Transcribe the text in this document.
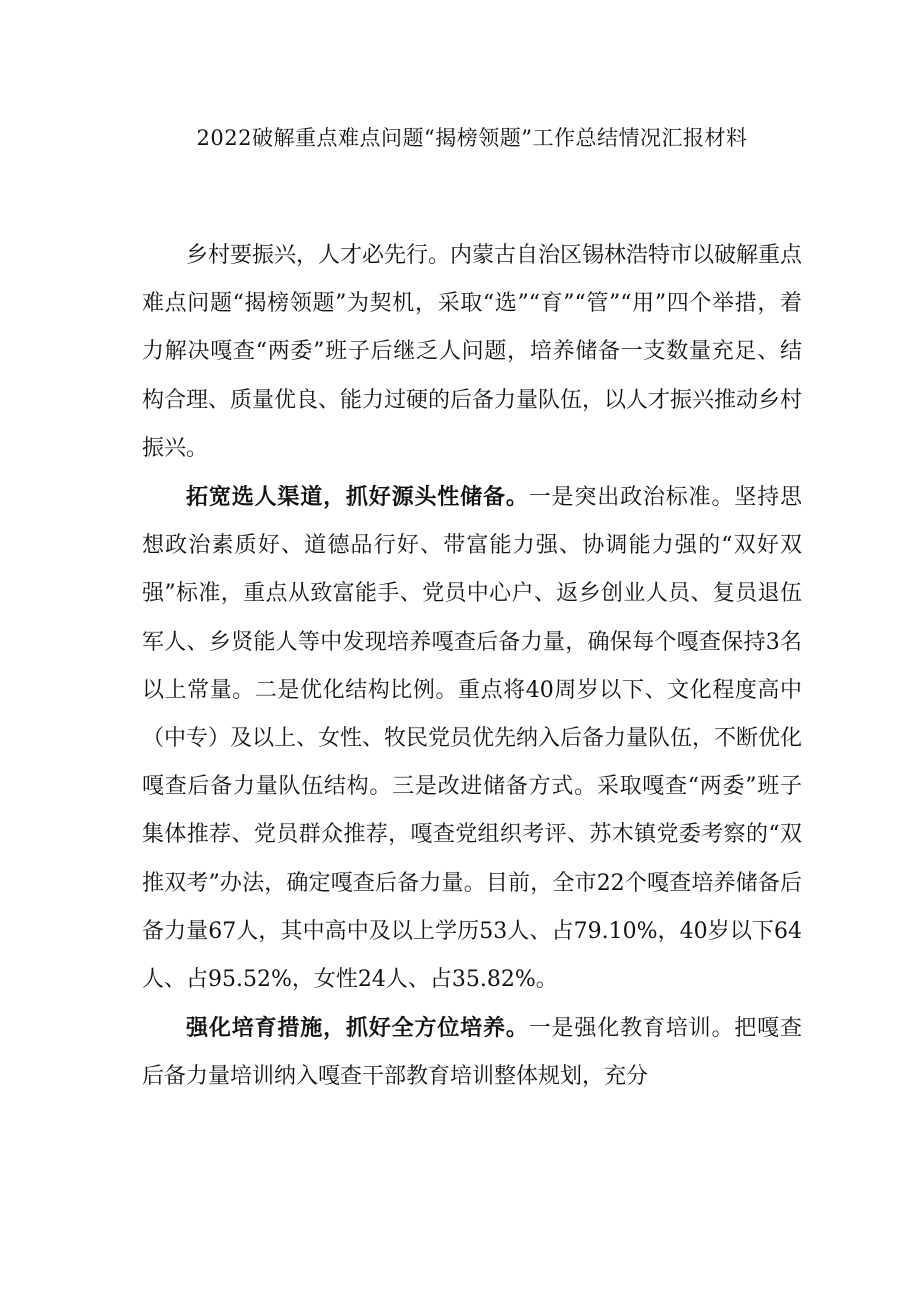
2022破解重点难点问题“揭榜领题”工作总结情况汇报材料

乡村要振兴，人才必先行。内蒙古自治区锡林浩特市以破解重点难点问题“揭榜领题”为契机，采取“选”“育”“管”“用”四个举措，着力解决嘎查“两委”班子后继乏人问题，培养储备一支数量充足、结构合理、质量优良、能力过硬的后备力量队伍，以人才振兴推动乡村振兴。

拓宽选人渠道，抓好源头性储备。一是突出政治标准。坚持思想政治素质好、道德品行好、带富能力强、协调能力强的“双好双强”标准，重点从致富能手、党员中心户、返乡创业人员、复员退伍军人、乡贤能人等中发现培养嘎查后备力量，确保每个嘎查保持3名以上常量。二是优化结构比例。重点将40周岁以下、文化程度高中（中专）及以上、女性、牧民党员优先纳入后备力量队伍，不断优化嘎查后备力量队伍结构。三是改进储备方式。采取嘎查“两委”班子集体推荐、党员群众推荐，嘎查党组织考评、苏木镇党委考察的“双推双考”办法，确定嘎查后备力量。目前，全市22个嘎查培养储备后备力量67人，其中高中及以上学历53人、占79.10%，40岁以下64人、占95.52%，女性24人、占35.82%。

强化培育措施，抓好全方位培养。一是强化教育培训。把嘎查后备力量培训纳入嘎查干部教育培训整体规划，充分
